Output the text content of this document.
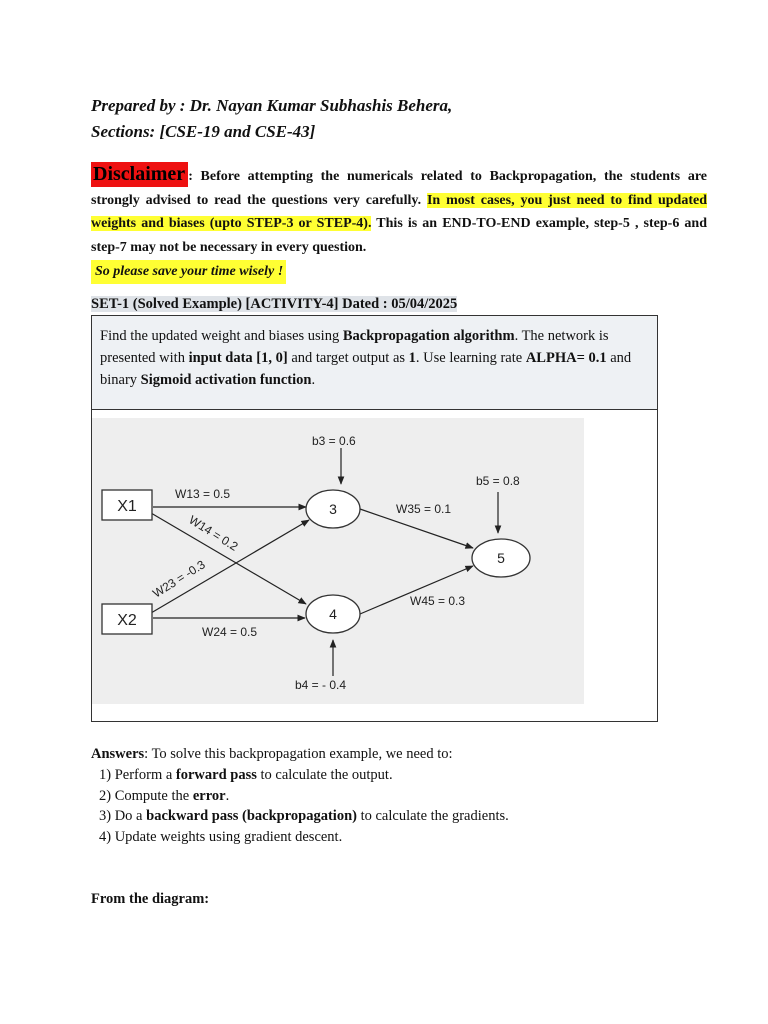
Prepared by : Dr. Nayan Kumar Subhashis Behera,
Sections: [CSE-19 and CSE-43]
Disclaimer : Before attempting the numericals related to Backpropagation, the students are strongly advised to read the questions very carefully. In most cases, you just need to find updated weights and biases (upto STEP-3 or STEP-4). This is an END-TO-END example, step-5 , step-6 and step-7 may not be necessary in every question.
So please save your time wisely !
SET-1 (Solved Example) [ACTIVITY-4] Dated : 05/04/2025
Find the updated weight and biases using Backpropagation algorithm. The network is presented with input data [1, 0] and target output as 1. Use learning rate ALPHA= 0.1 and binary Sigmoid activation function.
X1
X2
3
4
5
b3 = 0.6
b4 = - 0.4
b5 = 0.8
W13 = 0.5
W14 = 0.2
W23 = -0.3
W24 = 0.5
W35 = 0.1
W45 = 0.3
Answers: To solve this backpropagation example, we need to:
1) Perform a forward pass to calculate the output.
2) Compute the error.
3) Do a backward pass (backpropagation) to calculate the gradients.
4) Update weights using gradient descent.
From the diagram:
